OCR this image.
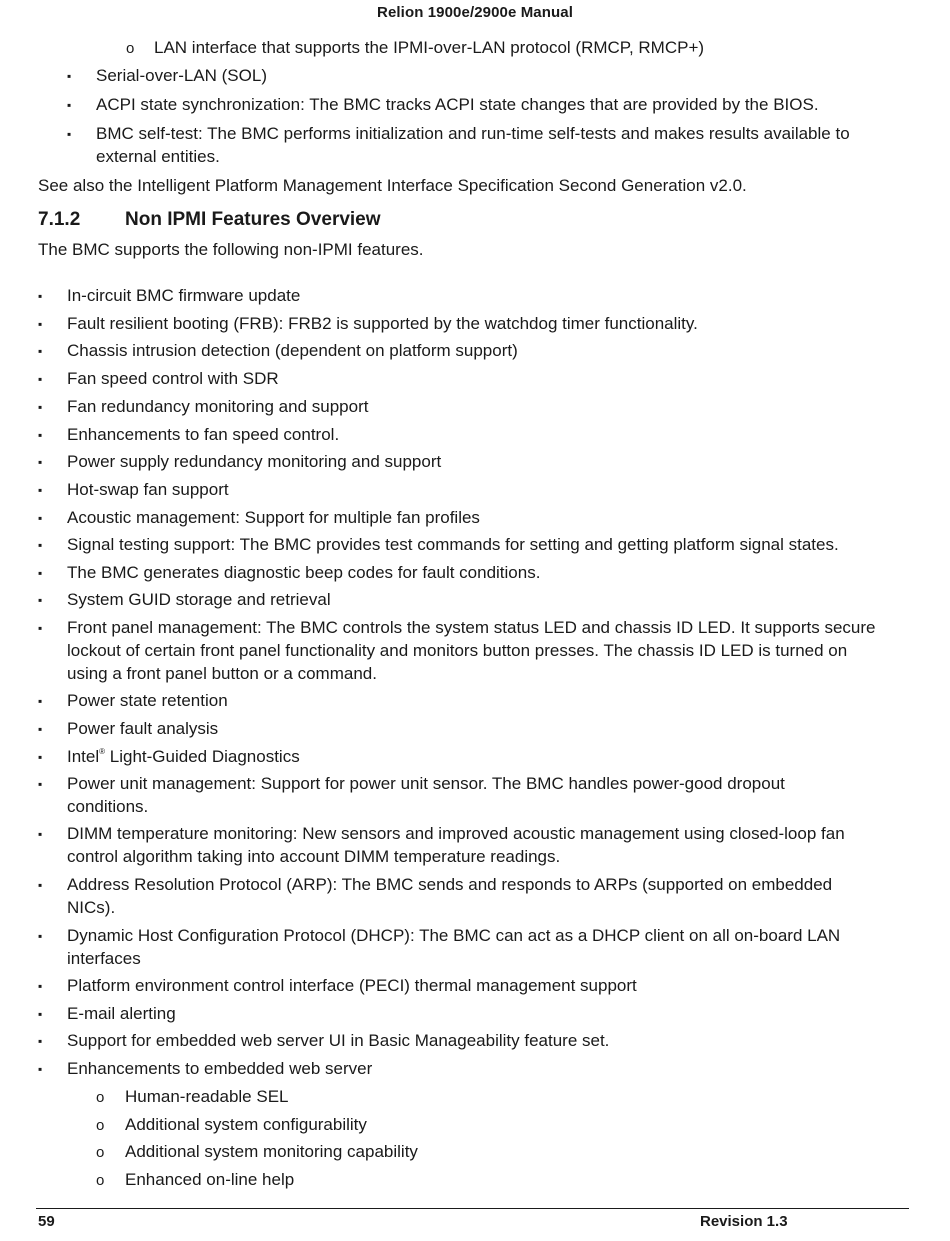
Relion 1900e/2900e Manual
o LAN interface that supports the IPMI-over-LAN protocol (RMCP, RMCP+)
▪ Serial-over-LAN (SOL)
▪ ACPI state synchronization: The BMC tracks ACPI state changes that are provided by the BIOS.
▪ BMC self-test: The BMC performs initialization and run-time self-tests and makes results available to
external entities.
See also the Intelligent Platform Management Interface Specification Second Generation v2.0.
7.1.2 Non IPMI Features Overview
The BMC supports the following non-IPMI features.
▪ In-circuit BMC firmware update
▪ Fault resilient booting (FRB): FRB2 is supported by the watchdog timer functionality.
▪ Chassis intrusion detection (dependent on platform support)
▪ Fan speed control with SDR
▪ Fan redundancy monitoring and support
▪ Enhancements to fan speed control.
▪ Power supply redundancy monitoring and support
▪ Hot-swap fan support
▪ Acoustic management: Support for multiple fan profiles
▪ Signal testing support: The BMC provides test commands for setting and getting platform signal states.
▪ The BMC generates diagnostic beep codes for fault conditions.
▪ System GUID storage and retrieval
▪ Front panel management: The BMC controls the system status LED and chassis ID LED. It supports secure
lockout of certain front panel functionality and monitors button presses. The chassis ID LED is turned on
using a front panel button or a command.
▪ Power state retention
▪ Power fault analysis
▪ Intel® Light-Guided Diagnostics
▪ Power unit management: Support for power unit sensor. The BMC handles power-good dropout
conditions.
▪ DIMM temperature monitoring: New sensors and improved acoustic management using closed-loop fan
control algorithm taking into account DIMM temperature readings.
▪ Address Resolution Protocol (ARP): The BMC sends and responds to ARPs (supported on embedded
NICs).
▪ Dynamic Host Configuration Protocol (DHCP): The BMC can act as a DHCP client on all on-board LAN
interfaces
▪ Platform environment control interface (PECI) thermal management support
▪ E-mail alerting
▪ Support for embedded web server UI in Basic Manageability feature set.
▪ Enhancements to embedded web server
o Human-readable SEL
o Additional system configurability
o Additional system monitoring capability
o Enhanced on-line help
59	Revision 1.3
